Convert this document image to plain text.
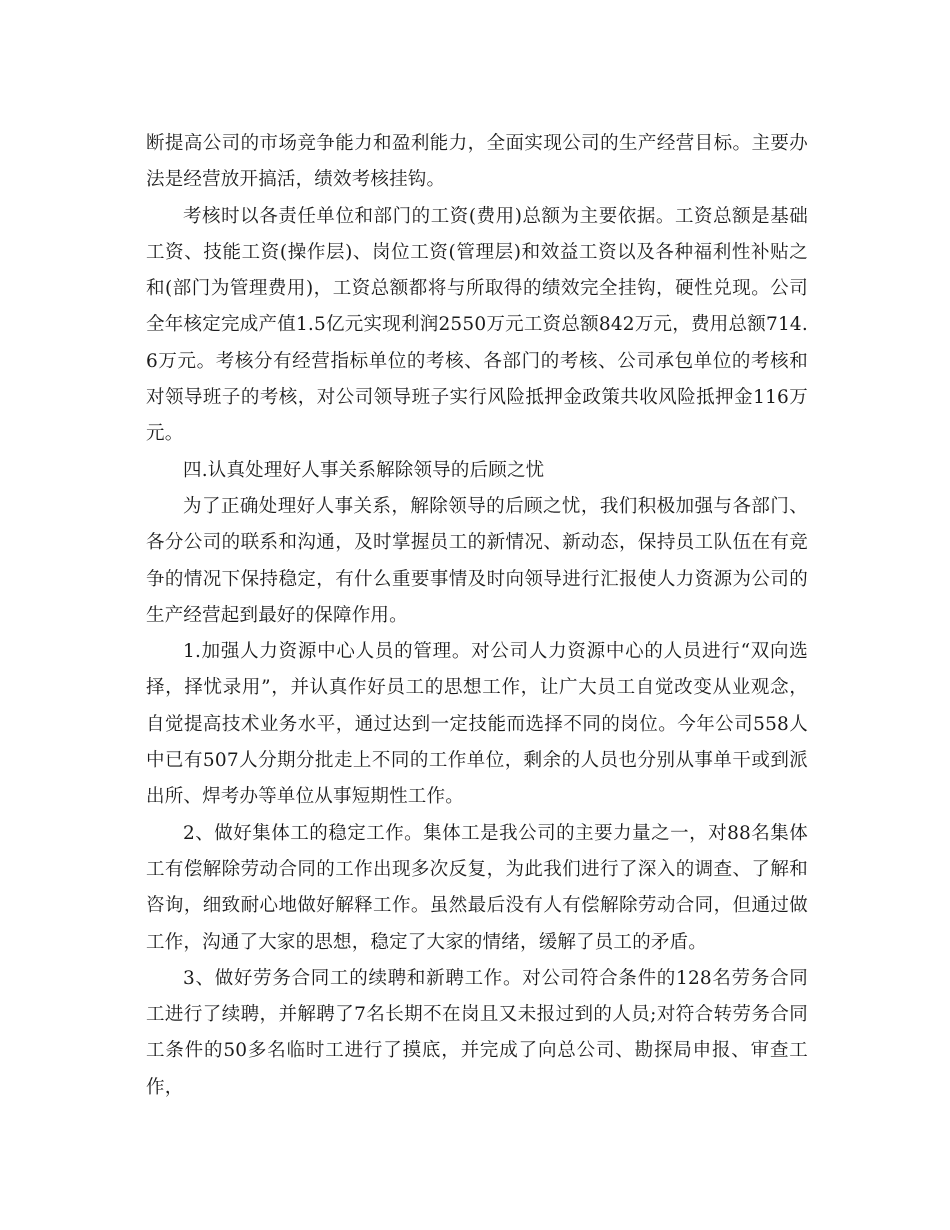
断提高公司的市场竞争能力和盈利能力，全面实现公司的生产经营目标。主要办法是经营放开搞活，绩效考核挂钩。

考核时以各责任单位和部门的工资(费用)总额为主要依据。工资总额是基础工资、技能工资(操作层)、岗位工资(管理层)和效益工资以及各种福利性补贴之和(部门为管理费用)，工资总额都将与所取得的绩效完全挂钩，硬性兑现。公司全年核定完成产值1.5亿元实现利润2550万元工资总额842万元，费用总额714.6万元。考核分有经营指标单位的考核、各部门的考核、公司承包单位的考核和对领导班子的考核，对公司领导班子实行风险抵押金政策共收风险抵押金116万元。

四.认真处理好人事关系解除领导的后顾之忧

为了正确处理好人事关系，解除领导的后顾之忧，我们积极加强与各部门、各分公司的联系和沟通，及时掌握员工的新情况、新动态，保持员工队伍在有竞争的情况下保持稳定，有什么重要事情及时向领导进行汇报使人力资源为公司的生产经营起到最好的保障作用。

1.加强人力资源中心人员的管理。对公司人力资源中心的人员进行“双向选择，择忧录用”，并认真作好员工的思想工作，让广大员工自觉改变从业观念，自觉提高技术业务水平，通过达到一定技能而选择不同的岗位。今年公司558人中已有507人分期分批走上不同的工作单位，剩余的人员也分别从事单干或到派出所、焊考办等单位从事短期性工作。

2、做好集体工的稳定工作。集体工是我公司的主要力量之一，对88名集体工有偿解除劳动合同的工作出现多次反复，为此我们进行了深入的调查、了解和咨询，细致耐心地做好解释工作。虽然最后没有人有偿解除劳动合同，但通过做工作，沟通了大家的思想，稳定了大家的情绪，缓解了员工的矛盾。

3、做好劳务合同工的续聘和新聘工作。对公司符合条件的128名劳务合同工进行了续聘，并解聘了7名长期不在岗且又未报过到的人员;对符合转劳务合同工条件的50多名临时工进行了摸底，并完成了向总公司、勘探局申报、审查工作，
